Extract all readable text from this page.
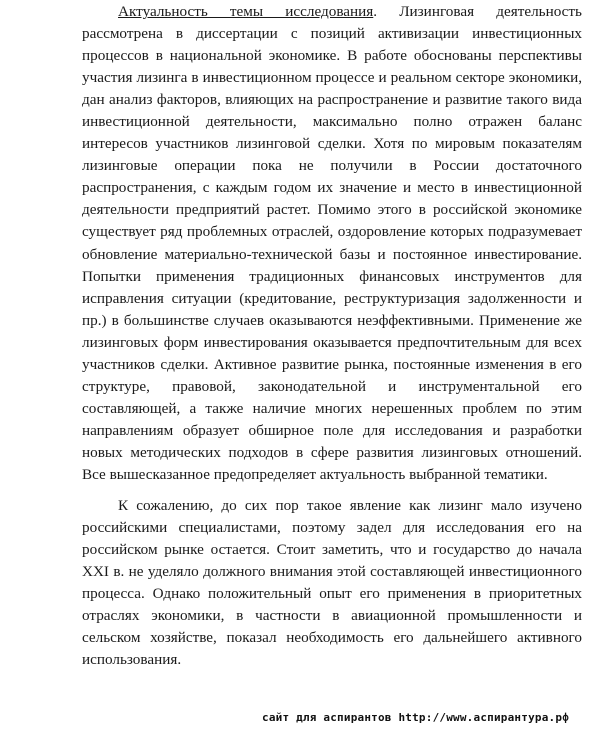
Актуальность темы исследования. Лизинговая деятельность рассмотрена в диссертации с позиций активизации инвестиционных процессов в национальной экономике. В работе обоснованы перспективы участия лизинга в инвестиционном процессе и реальном секторе экономики, дан анализ факторов, влияющих на распространение и развитие такого вида инвестиционной деятельности, максимально полно отражен баланс интересов участников лизинговой сделки. Хотя по мировым показателям лизинговые операции пока не получили в России достаточного распространения, с каждым годом их значение и место в инвестиционной деятельности предприятий растет. Помимо этого в российской экономике существует ряд проблемных отраслей, оздоровление которых подразумевает обновление материально-технической базы и постоянное инвестирование. Попытки применения традиционных финансовых инструментов для исправления ситуации (кредитование, реструктуризация задолженности и пр.) в большинстве случаев оказываются неэффективными. Применение же лизинговых форм инвестирования оказывается предпочтительным для всех участников сделки. Активное развитие рынка, постоянные изменения в его структуре, правовой, законодательной и инструментальной его составляющей, а также наличие многих нерешенных проблем по этим направлениям образует обширное поле для исследования и разработки новых методических подходов в сфере развития лизинговых отношений. Все вышесказанное предопределяет актуальность выбранной тематики.

К сожалению, до сих пор такое явление как лизинг мало изучено российскими специалистами, поэтому задел для исследования его на российском рынке остается. Стоит заметить, что и государство до начала XXI в. не уделяло должного внимания этой составляющей инвестиционного процесса. Однако положительный опыт его применения в приоритетных отраслях экономики, в частности в авиационной промышленности и сельском хозяйстве, показал необходимость его дальнейшего активного использования.

сайт для аспирантов http://www.аспирантура.рф
